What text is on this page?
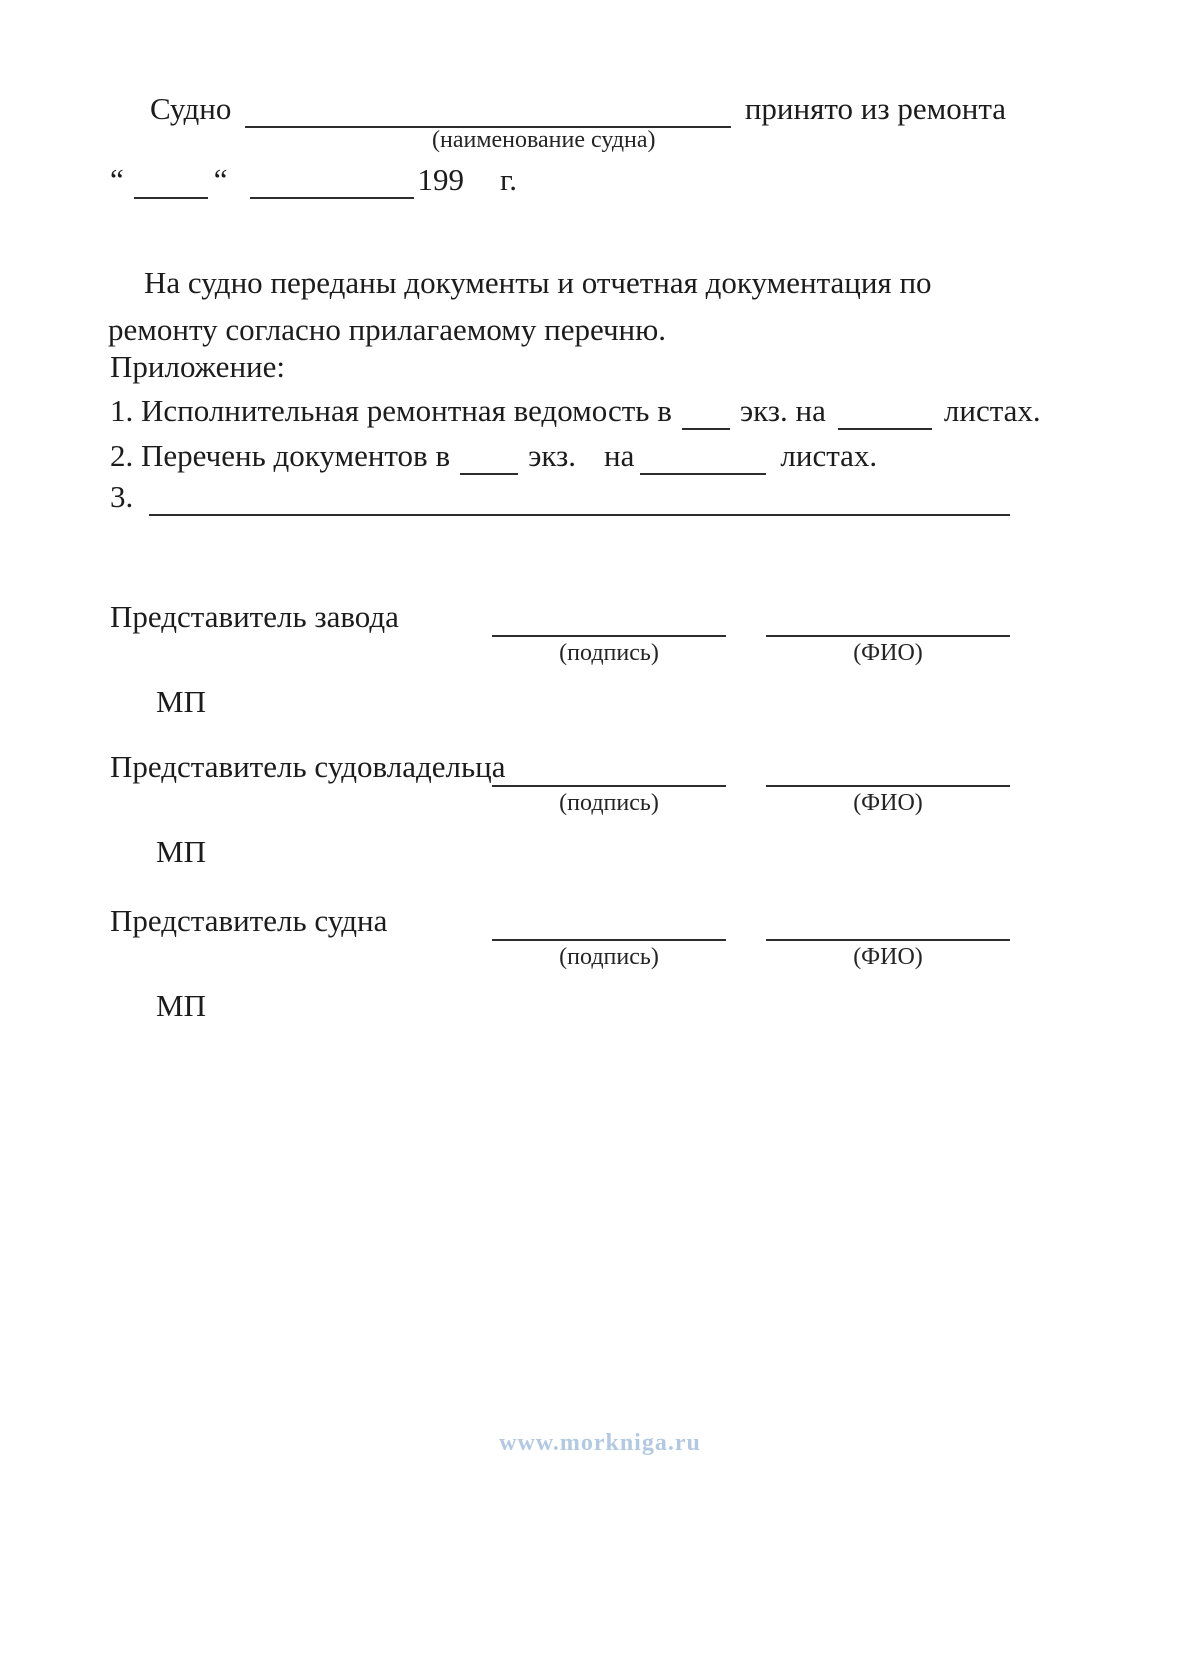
Судно	принято из ремонта
(наименование судна)
“	“	199 г.

На судно переданы документы и отчетная документация по ремонту согласно прилагаемому перечню.

Приложение:
1. Исполнительная ремонтная ведомость в экз. на	листах.
2. Перечень документов в	экз. на	листах.
3.
Представитель завода
(подпись)	(ФИО)
МП
Представитель судовладельца
(подпись)	(ФИО)
МП
Представитель судна
(подпись)	(ФИО)
МП
www.morkniga.ru
